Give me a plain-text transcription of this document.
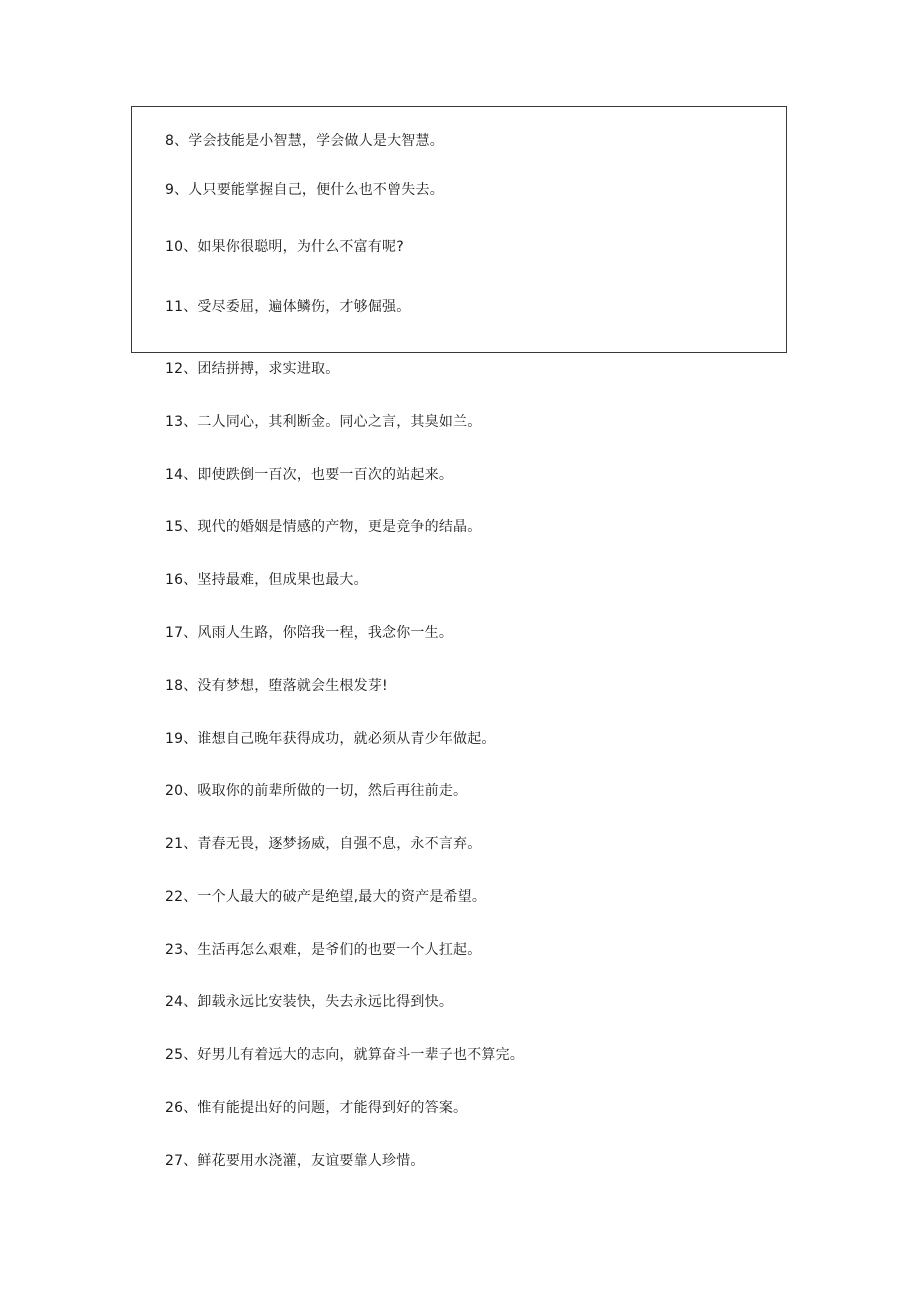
8、学会技能是小智慧，学会做人是大智慧。
9、人只要能掌握自己，便什么也不曾失去。
10、如果你很聪明，为什么不富有呢?
11、受尽委屈，遍体鳞伤，才够倔强。
12、团结拼搏，求实进取。
13、二人同心，其利断金。同心之言，其臭如兰。
14、即使跌倒一百次，也要一百次的站起来。
15、现代的婚姻是情感的产物，更是竞争的结晶。
16、坚持最难，但成果也最大。
17、风雨人生路，你陪我一程，我念你一生。
18、没有梦想，堕落就会生根发芽!
19、谁想自己晚年获得成功，就必须从青少年做起。
20、吸取你的前辈所做的一切，然后再往前走。
21、青春无畏，逐梦扬威，自强不息，永不言弃。
22、一个人最大的破产是绝望,最大的资产是希望。
23、生活再怎么艰难，是爷们的也要一个人扛起。
24、卸载永远比安装快，失去永远比得到快。
25、好男儿有着远大的志向，就算奋斗一辈子也不算完。
26、惟有能提出好的问题，才能得到好的答案。
27、鲜花要用水浇灌，友谊要靠人珍惜。
